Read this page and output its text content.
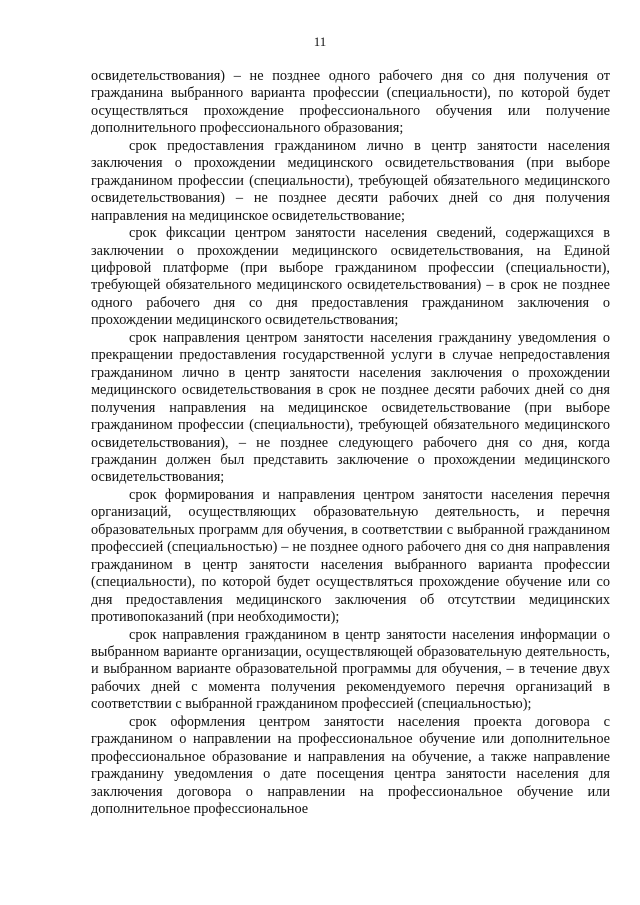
11

освидетельствования) – не позднее одного рабочего дня со дня получения от гражданина выбранного варианта профессии (специальности), по которой будет осуществляться прохождение профессионального обучения или получение дополнительного профессионального образования;

срок предоставления гражданином лично в центр занятости населения заключения о прохождении медицинского освидетельствования (при выборе гражданином профессии (специальности), требующей обязательного медицинского освидетельствования) – не позднее десяти рабочих дней со дня получения направления на медицинское освидетельствование;

срок фиксации центром занятости населения сведений, содержащихся в заключении о прохождении медицинского освидетельствования, на Единой цифровой платформе (при выборе гражданином профессии (специальности), требующей обязательного медицинского освидетельствования) – в срок не позднее одного рабочего дня со дня предоставления гражданином заключения о прохождении медицинского освидетельствования;

срок направления центром занятости населения гражданину уведомления о прекращении предоставления государственной услуги в случае непредоставления гражданином лично в центр занятости населения заключения о прохождении медицинского освидетельствования в срок не позднее десяти рабочих дней со дня получения направления на медицинское освидетельствование (при выборе гражданином профессии (специальности), требующей обязательного медицинского освидетельствования), – не позднее следующего рабочего дня со дня, когда гражданин должен был представить заключение о прохождении медицинского освидетельствования;

срок формирования и направления центром занятости населения перечня организаций, осуществляющих образовательную деятельность, и перечня образовательных программ для обучения, в соответствии с выбранной гражданином профессией (специальностью) – не позднее одного рабочего дня со дня направления гражданином в центр занятости населения выбранного варианта профессии (специальности), по которой будет осуществляться прохождение обучение или со дня предоставления медицинского заключения об отсутствии медицинских противопоказаний (при необходимости);

срок направления гражданином в центр занятости населения информации о выбранном варианте организации, осуществляющей образовательную деятельность, и выбранном варианте образовательной программы для обучения, – в течение двух рабочих дней с момента получения рекомендуемого перечня организаций в соответствии с выбранной гражданином профессией (специальностью);

срок оформления центром занятости населения проекта договора с гражданином о направлении на профессиональное обучение или дополнительное профессиональное образование и направления на обучение, а также направление гражданину уведомления о дате посещения центра занятости населения для заключения договора о направлении на профессиональное обучение или дополнительное профессиональное
